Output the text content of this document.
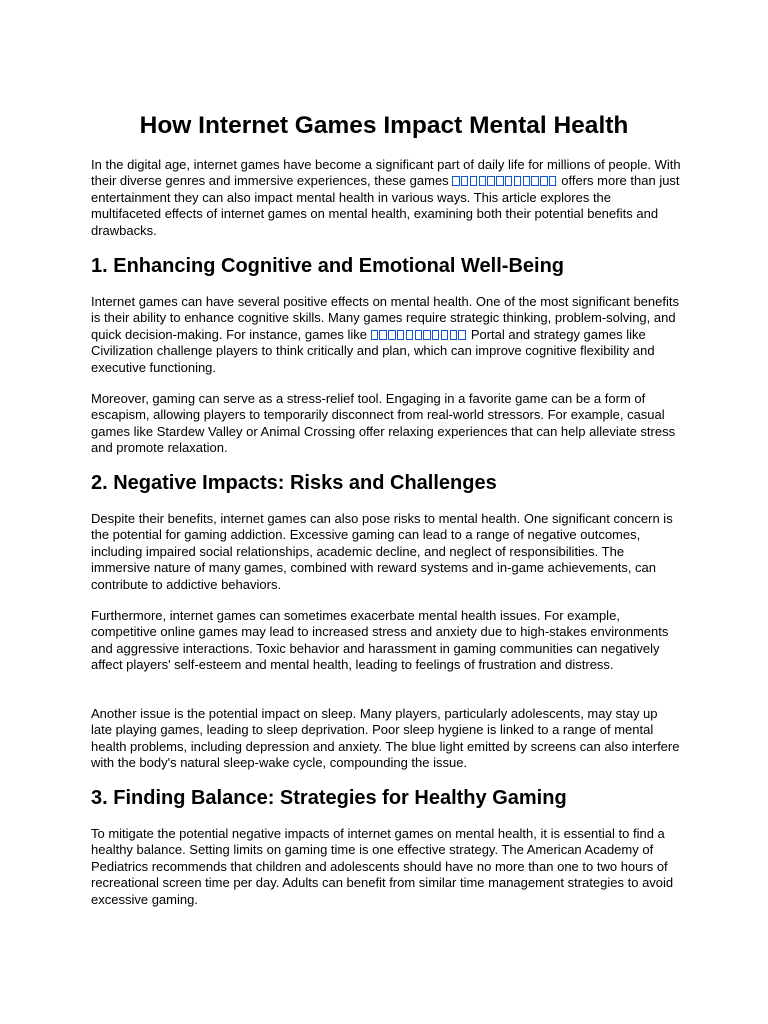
How Internet Games Impact Mental Health

In the digital age, internet games have become a significant part of daily life for millions of people. With their diverse genres and immersive experiences, these games	offers more than just entertainment they can also impact mental health in various ways. This article explores the multifaceted effects of internet games on mental health, examining both their potential benefits and drawbacks.

1. Enhancing Cognitive and Emotional Well-Being

Internet games can have several positive effects on mental health. One of the most significant benefits is their ability to enhance cognitive skills. Many games require strategic thinking, problem-solving, and quick decision-making. For instance, games like	Portal and strategy games like Civilization challenge players to think critically and plan, which can improve cognitive flexibility and executive functioning.

Moreover, gaming can serve as a stress-relief tool. Engaging in a favorite game can be a form of escapism, allowing players to temporarily disconnect from real-world stressors. For example, casual games like Stardew Valley or Animal Crossing offer relaxing experiences that can help alleviate stress and promote relaxation.

2. Negative Impacts: Risks and Challenges

Despite their benefits, internet games can also pose risks to mental health. One significant concern is the potential for gaming addiction. Excessive gaming can lead to a range of negative outcomes, including impaired social relationships, academic decline, and neglect of responsibilities. The immersive nature of many games, combined with reward systems and in-game achievements, can contribute to addictive behaviors.

Furthermore, internet games can sometimes exacerbate mental health issues. For example, competitive online games may lead to increased stress and anxiety due to high-stakes environments and aggressive interactions. Toxic behavior and harassment in gaming communities can negatively affect players' self-esteem and mental health, leading to feelings of frustration and distress.

Another issue is the potential impact on sleep. Many players, particularly adolescents, may stay up late playing games, leading to sleep deprivation. Poor sleep hygiene is linked to a range of mental health problems, including depression and anxiety. The blue light emitted by screens can also interfere with the body's natural sleep-wake cycle, compounding the issue.

3. Finding Balance: Strategies for Healthy Gaming

To mitigate the potential negative impacts of internet games on mental health, it is essential to find a healthy balance. Setting limits on gaming time is one effective strategy. The American Academy of Pediatrics recommends that children and adolescents should have no more than one to two hours of recreational screen time per day. Adults can benefit from similar time management strategies to avoid excessive gaming.
